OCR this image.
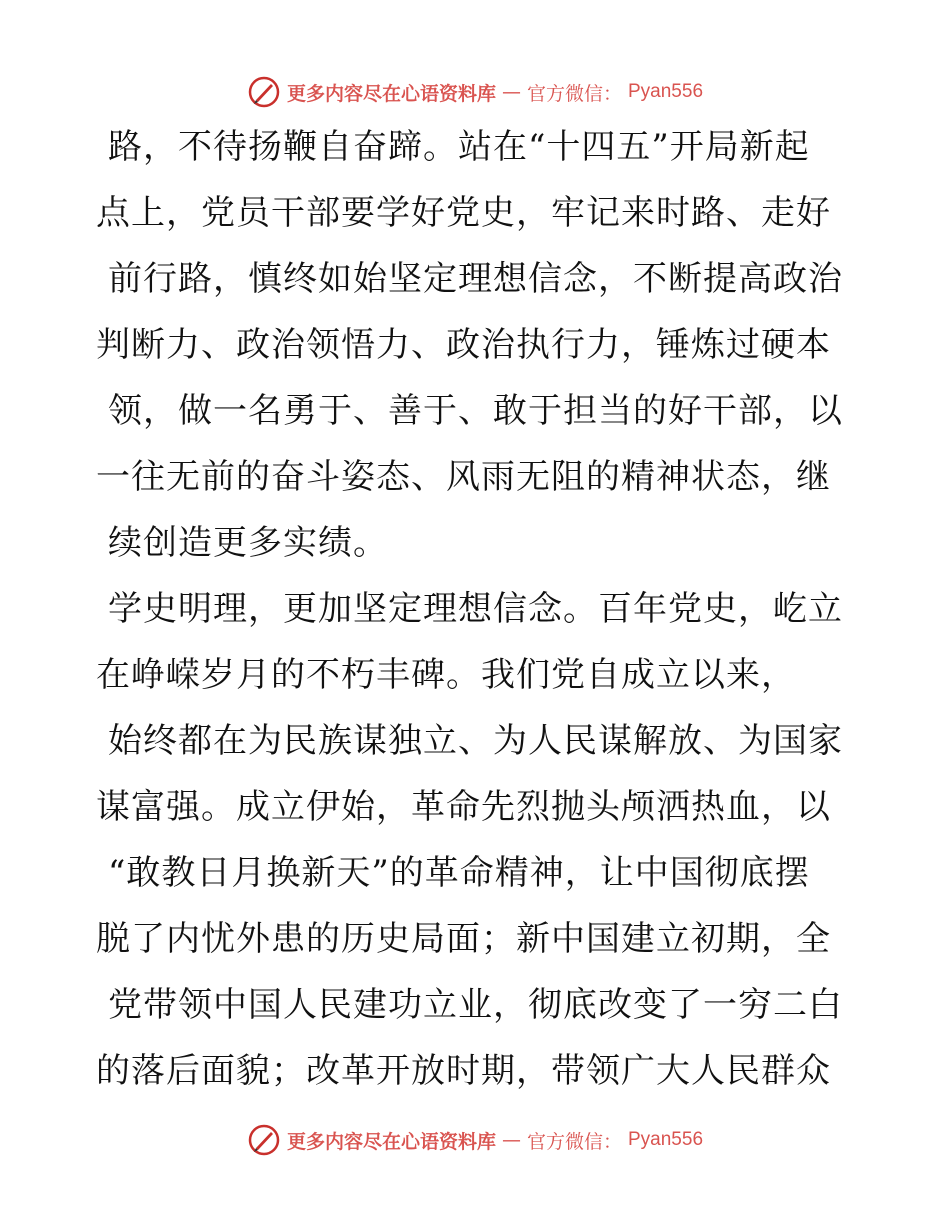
更多内容尽在心语资料库 — 官方微信： Pyan556
路，不待扬鞭自奋蹄。站在“十四五”开局新起
点上，党员干部要学好党史，牢记来时路、走好
前行路，慎终如始坚定理想信念，不断提高政治
判断力、政治领悟力、政治执行力，锤炼过硬本
领，做一名勇于、善于、敢于担当的好干部，以
一往无前的奋斗姿态、风雨无阻的精神状态，继
续创造更多实绩。
学史明理，更加坚定理想信念。百年党史，屹立
在峥嵘岁月的不朽丰碑。我们党自成立以来，
始终都在为民族谋独立、为人民谋解放、为国家
谋富强。成立伊始，革命先烈抛头颅洒热血，以
“敢教日月换新天”的革命精神，让中国彻底摆
脱了内忧外患的历史局面；新中国建立初期，全
党带领中国人民建功立业，彻底改变了一穷二白
的落后面貌；改革开放时期，带领广大人民群众
更多内容尽在心语资料库 — 官方微信： Pyan556
